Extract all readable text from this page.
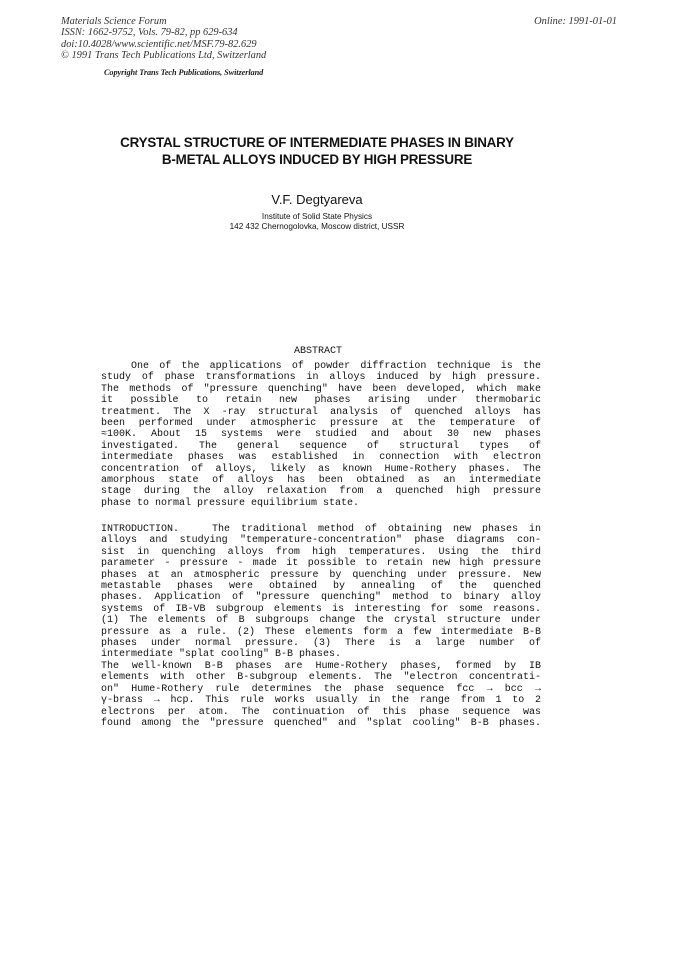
Materials Science Forum
ISSN: 1662-9752, Vols. 79-82, pp 629-634
doi:10.4028/www.scientific.net/MSF.79-82.629
© 1991 Trans Tech Publications Ltd, Switzerland
Online: 1991-01-01
Copyright Trans Tech Publications, Switzerland
CRYSTAL STRUCTURE OF INTERMEDIATE PHASES IN BINARY
B-METAL ALLOYS INDUCED BY HIGH PRESSURE
V.F. Degtyareva
Institute of Solid State Physics
142 432 Chernogolovka, Moscow district, USSR
ABSTRACT
One of the applications of powder diffraction technique is the
study of phase transformations in alloys induced by high pressure.
The methods of "pressure quenching" have been developed, which make
it possible to retain new phases arising under thermobaric
treatment. The X -ray structural analysis of quenched alloys has
been performed under atmospheric pressure at the temperature of
≈100K. About 15 systems were studied and about 30 new phases
investigated. The general sequence of structural types of
intermediate phases was established in connection with electron
concentration of alloys, likely as known Hume-Rothery phases. The
amorphous state of alloys has been obtained as an intermediate
stage during the alloy relaxation from a quenched high pressure
phase to normal pressure equilibrium state.
INTRODUCTION.   The traditional method of obtaining new phases in
alloys and studying "temperature-concentration" phase diagrams con-
sist in quenching alloys from high temperatures. Using the third
parameter - pressure - made it possible to retain new high pressure
phases at an atmospheric pressure by quenching under pressure. New
metastable phases were obtained by annealing of the quenched
phases. Application of "pressure quenching" method to binary alloy
systems of IB-VB subgroup elements is interesting for some reasons.
(1) The elements of B subgroups change the crystal structure under
pressure as a rule. (2) These elements form a few intermediate B-B
phases under normal pressure. (3) There is a large number of
intermediate "splat cooling" B-B phases.
The well-known B-B phases are Hume-Rothery phases, formed by IB
elements with other B-subgroup elements. The "electron concentrati-
on" Hume-Rothery rule determines the phase sequence fcc → bcc →
γ-brass → hcp. This rule works usually in the range from 1 to 2
electrons per atom. The continuation of this phase sequence was
found among the "pressure quenched" and "splat cooling" B-B phases.
